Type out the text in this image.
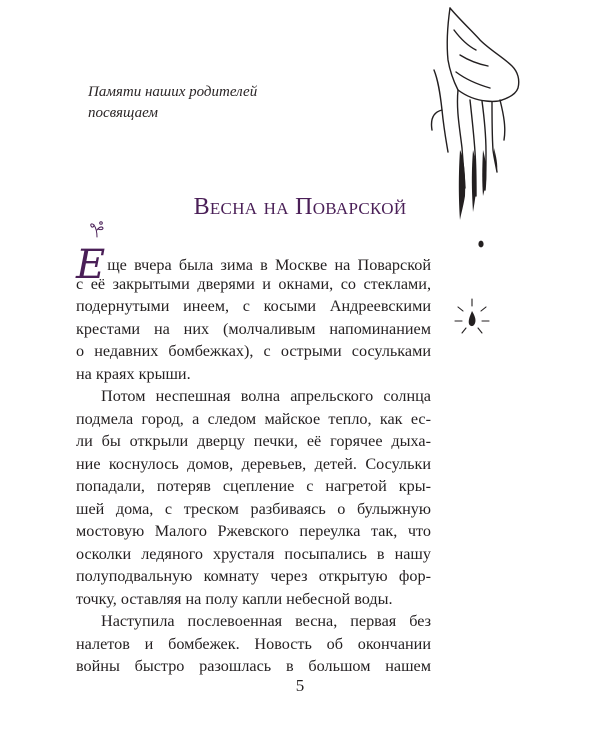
Памяти наших родителей
посвящаем
Весна на Поварской
Еще вчера была зима в Москве на Поварской
с её закрытыми дверями и окнами, со стеклами,
подернутыми инеем, с косыми Андреевскими
крестами на них (молчаливым напоминанием
о недавних бомбежках), с острыми сосульками
на краях крыши.
Потом неспешная волна апрельского солнца
подмела город, а следом майское тепло, как ес-
ли бы открыли дверцу печки, её горячее дыха-
ние коснулось домов, деревьев, детей. Сосульки
попадали, потеряв сцепление с нагретой кры-
шей дома, с треском разбиваясь о булыжную
мостовую Малого Ржевского переулка так, что
осколки ледяного хрусталя посыпались в нашу
полуподвальную комнату через открытую фор-
точку, оставляя на полу капли небесной воды.
Наступила послевоенная весна, первая без
налетов и бомбежек. Новость об окончании
войны быстро разошлась в большом нашем
5
